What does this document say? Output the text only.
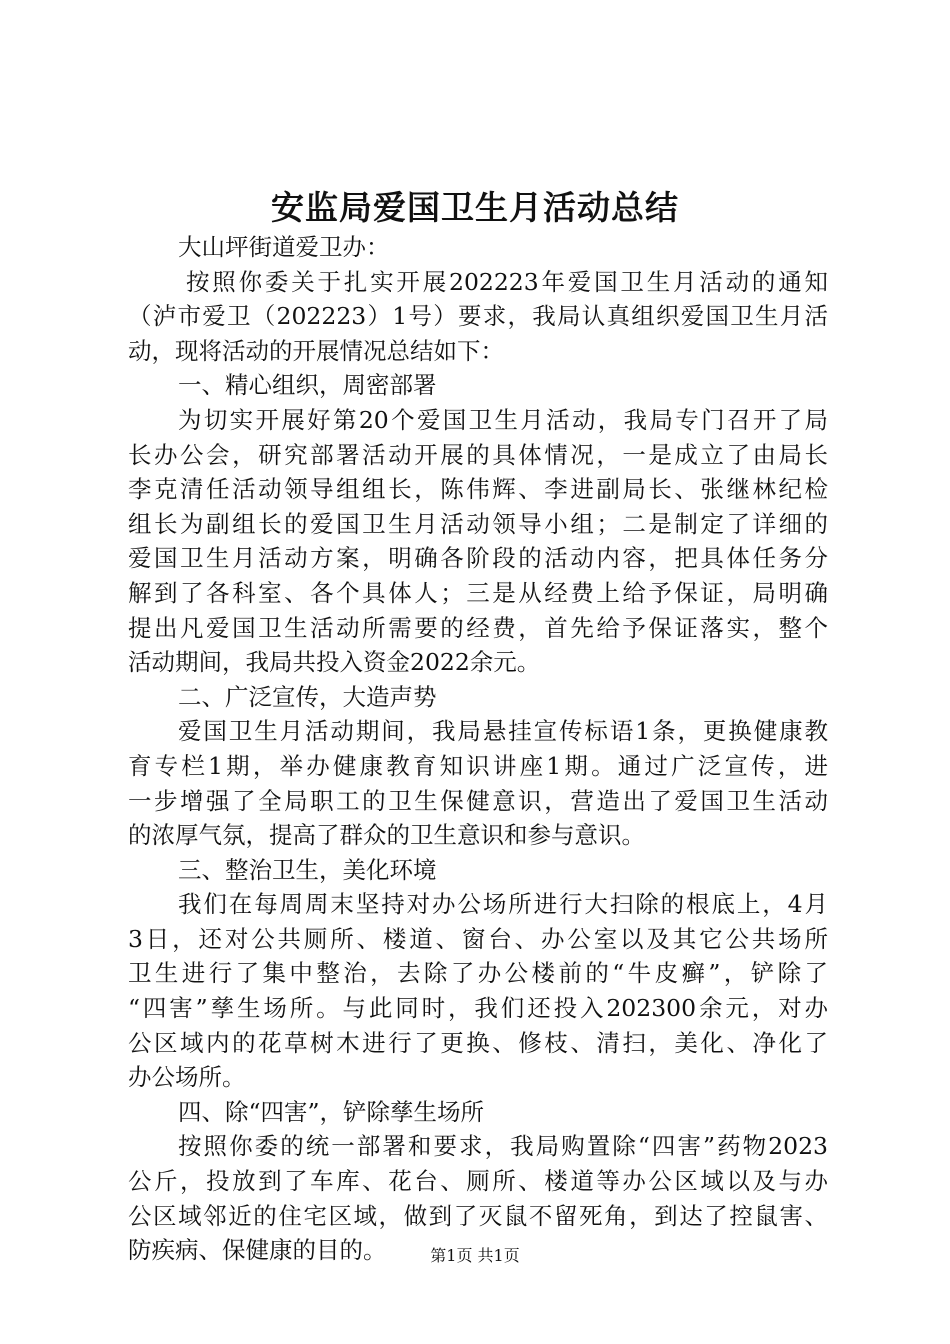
安监局爱国卫生月活动总结
大山坪街道爱卫办：
按照你委关于扎实开展202223年爱国卫生月活动的通知
（泸市爱卫（202223）1号）要求，我局认真组织爱国卫生月活
动，现将活动的开展情况总结如下：
一、精心组织，周密部署
为切实开展好第20个爱国卫生月活动，我局专门召开了局
长办公会，研究部署活动开展的具体情况，一是成立了由局长
李克清任活动领导组组长，陈伟辉、李进副局长、张继林纪检
组长为副组长的爱国卫生月活动领导小组；二是制定了详细的
爱国卫生月活动方案，明确各阶段的活动内容，把具体任务分
解到了各科室、各个具体人；三是从经费上给予保证，局明确
提出凡爱国卫生活动所需要的经费，首先给予保证落实，整个
活动期间，我局共投入资金2022余元。
二、广泛宣传，大造声势
爱国卫生月活动期间，我局悬挂宣传标语1条，更换健康教
育专栏1期，举办健康教育知识讲座1期。通过广泛宣传，进
一步增强了全局职工的卫生保健意识，营造出了爱国卫生活动
的浓厚气氛，提高了群众的卫生意识和参与意识。
三、整治卫生，美化环境
我们在每周周末坚持对办公场所进行大扫除的根底上，4月
3日，还对公共厕所、楼道、窗台、办公室以及其它公共场所
卫生进行了集中整治，去除了办公楼前的“牛皮癣”，铲除了
“四害”孳生场所。与此同时，我们还投入202300余元，对办
公区域内的花草树木进行了更换、修枝、清扫，美化、净化了
办公场所。
四、除“四害”，铲除孳生场所
按照你委的统一部署和要求，我局购置除“四害”药物2023
公斤，投放到了车库、花台、厕所、楼道等办公区域以及与办
公区域邻近的住宅区域，做到了灭鼠不留死角，到达了控鼠害、
防疾病、保健康的目的。	第1页 共1页
